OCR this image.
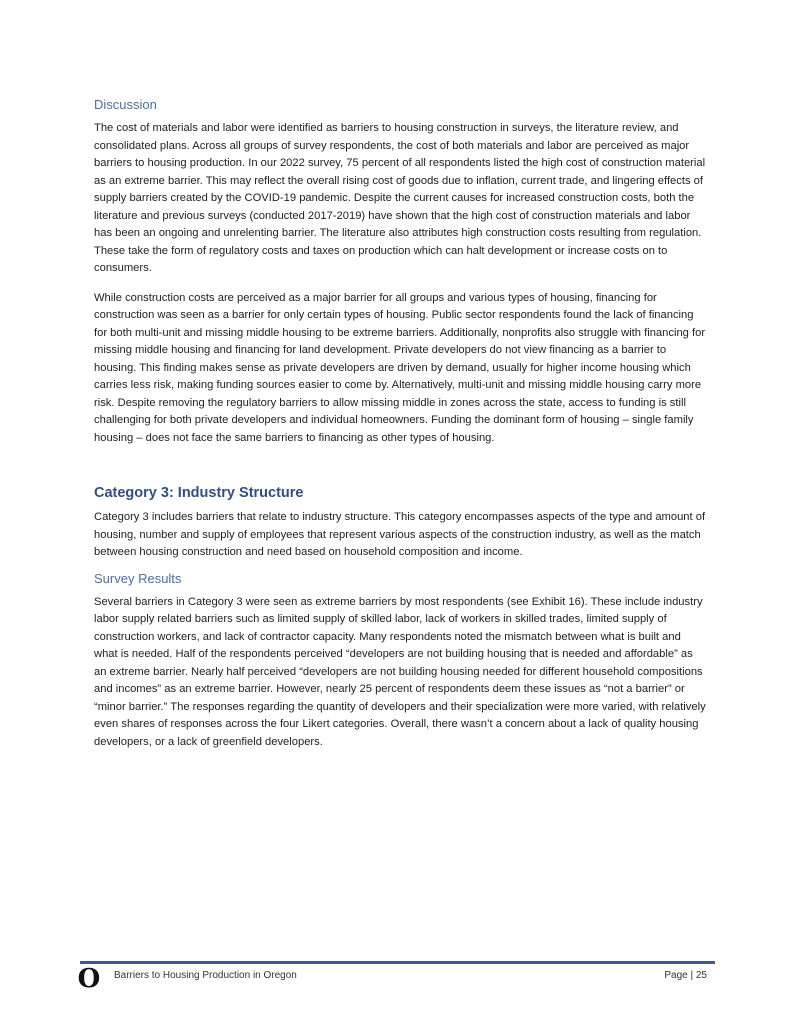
Discussion

The cost of materials and labor were identified as barriers to housing construction in surveys, the literature review, and consolidated plans. Across all groups of survey respondents, the cost of both materials and labor are perceived as major barriers to housing production. In our 2022 survey, 75 percent of all respondents listed the high cost of construction material as an extreme barrier. This may reflect the overall rising cost of goods due to inflation, current trade, and lingering effects of supply barriers created by the COVID-19 pandemic. Despite the current causes for increased construction costs, both the literature and previous surveys (conducted 2017-2019) have shown that the high cost of construction materials and labor has been an ongoing and unrelenting barrier. The literature also attributes high construction costs resulting from regulation. These take the form of regulatory costs and taxes on production which can halt development or increase costs on to consumers.

While construction costs are perceived as a major barrier for all groups and various types of housing, financing for construction was seen as a barrier for only certain types of housing. Public sector respondents found the lack of financing for both multi-unit and missing middle housing to be extreme barriers. Additionally, nonprofits also struggle with financing for missing middle housing and financing for land development. Private developers do not view financing as a barrier to housing. This finding makes sense as private developers are driven by demand, usually for higher income housing which carries less risk, making funding sources easier to come by. Alternatively, multi-unit and missing middle housing carry more risk. Despite removing the regulatory barriers to allow missing middle in zones across the state, access to funding is still challenging for both private developers and individual homeowners. Funding the dominant form of housing – single family housing – does not face the same barriers to financing as other types of housing.

Category 3: Industry Structure

Category 3 includes barriers that relate to industry structure. This category encompasses aspects of the type and amount of housing, number and supply of employees that represent various aspects of the construction industry, as well as the match between housing construction and need based on household composition and income.

Survey Results

Several barriers in Category 3 were seen as extreme barriers by most respondents (see Exhibit 16). These include industry labor supply related barriers such as limited supply of skilled labor, lack of workers in skilled trades, limited supply of construction workers, and lack of contractor capacity. Many respondents noted the mismatch between what is built and what is needed. Half of the respondents perceived “developers are not building housing that is needed and affordable” as an extreme barrier. Nearly half perceived “developers are not building housing needed for different household compositions and incomes” as an extreme barrier. However, nearly 25 percent of respondents deem these issues as “not a barrier” or “minor barrier.” The responses regarding the quantity of developers and their specialization were more varied, with relatively even shares of responses across the four Likert categories. Overall, there wasn’t a concern about a lack of quality housing developers, or a lack of greenfield developers.

O Barriers to Housing Production in Oregon	Page | 25
